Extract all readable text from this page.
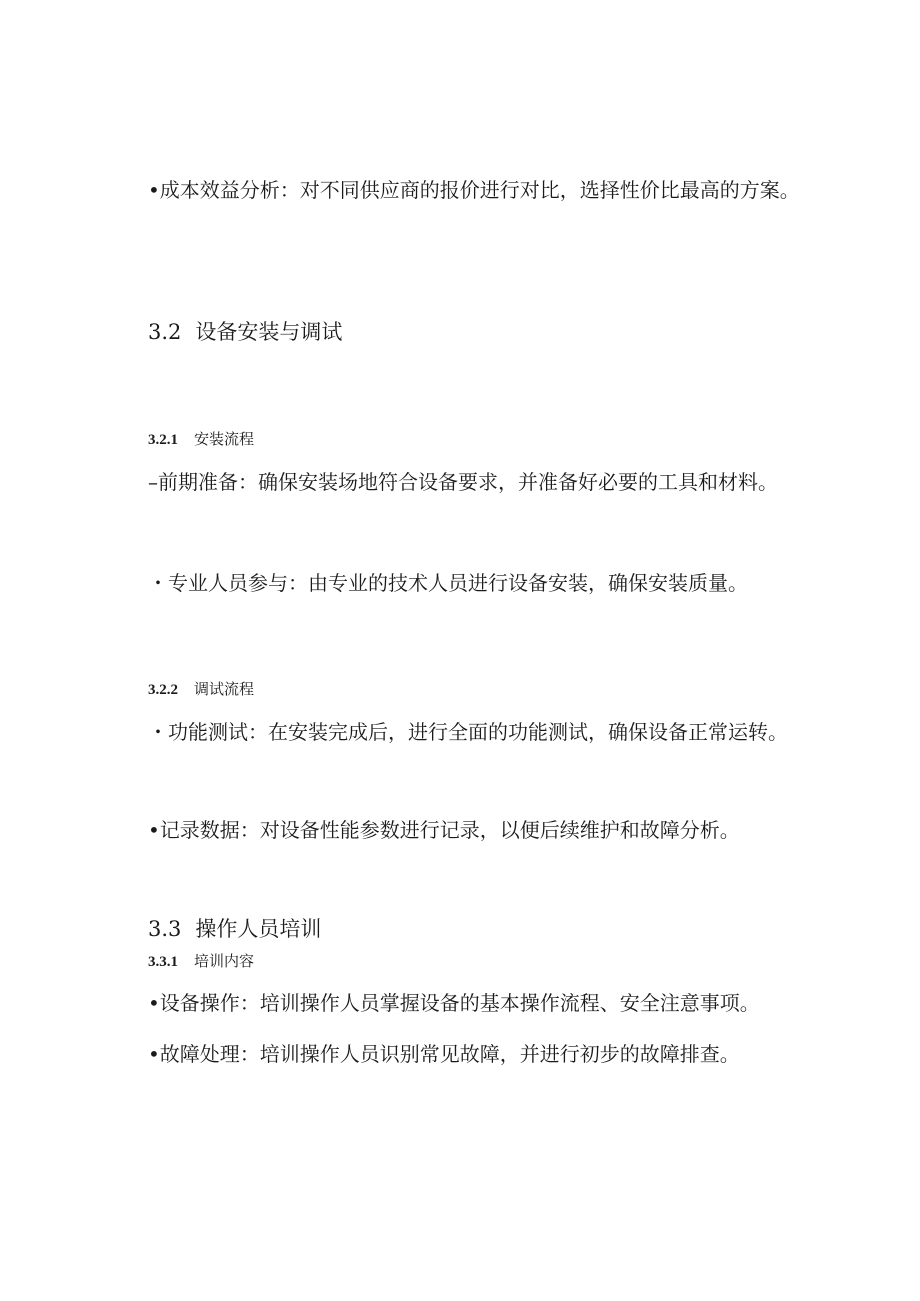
•成本效益分析：对不同供应商的报价进行对比，选择性价比最高的方案。

3.2 设备安装与调试
3.2.1 安装流程

–前期准备：确保安装场地符合设备要求，并准备好必要的工具和材料。

・专业人员参与：由专业的技术人员进行设备安装，确保安装质量。

3.2.2 调试流程

・功能测试：在安装完成后，进行全面的功能测试，确保设备正常运转。

•记录数据：对设备性能参数进行记录，以便后续维护和故障分析。

3.3 操作人员培训
3.3.1 培训内容

•设备操作：培训操作人员掌握设备的基本操作流程、安全注意事项。

•故障处理：培训操作人员识别常见故障，并进行初步的故障排查。
